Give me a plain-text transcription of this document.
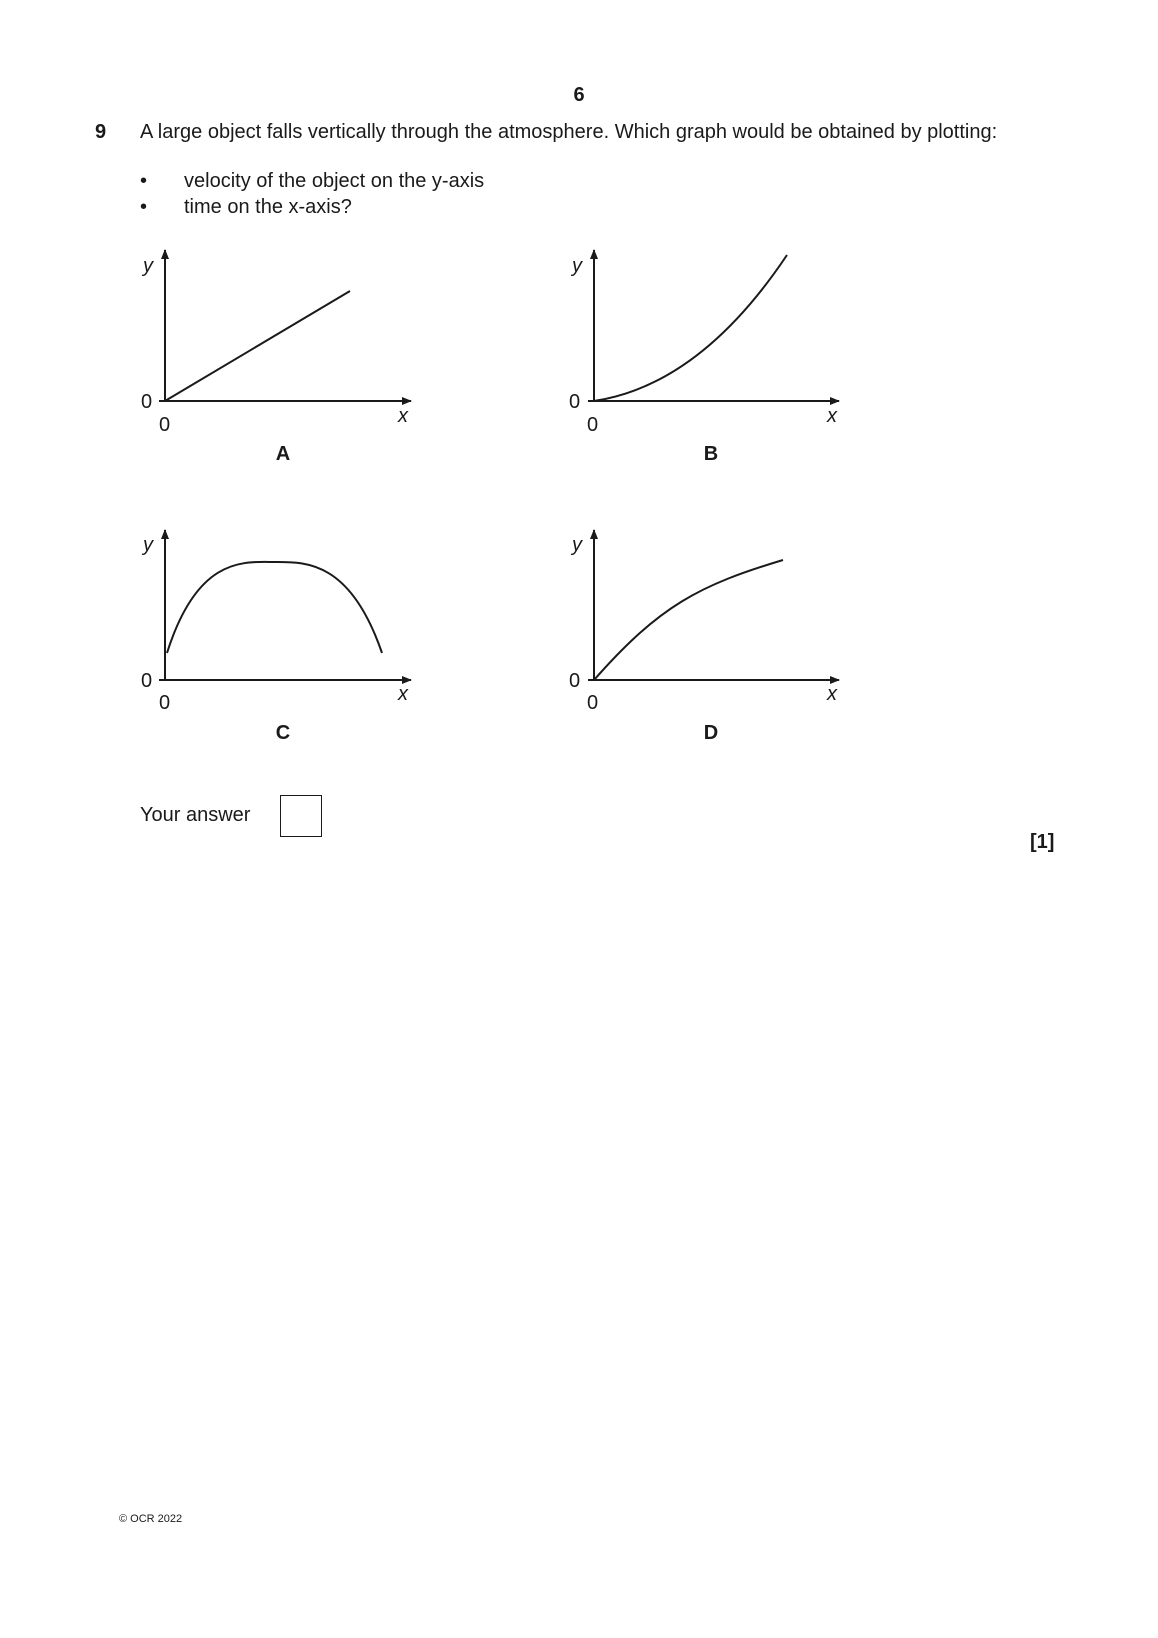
6
9 A large object falls vertically through the atmosphere. Which graph would be obtained by plotting:
• velocity of the object on the y-axis
• time on the x-axis?
y
x
0
0
A
y
x
0
0
B
y
x
0
0
C
y
x
0
0
D
Your answer
[1]
© OCR 2022
